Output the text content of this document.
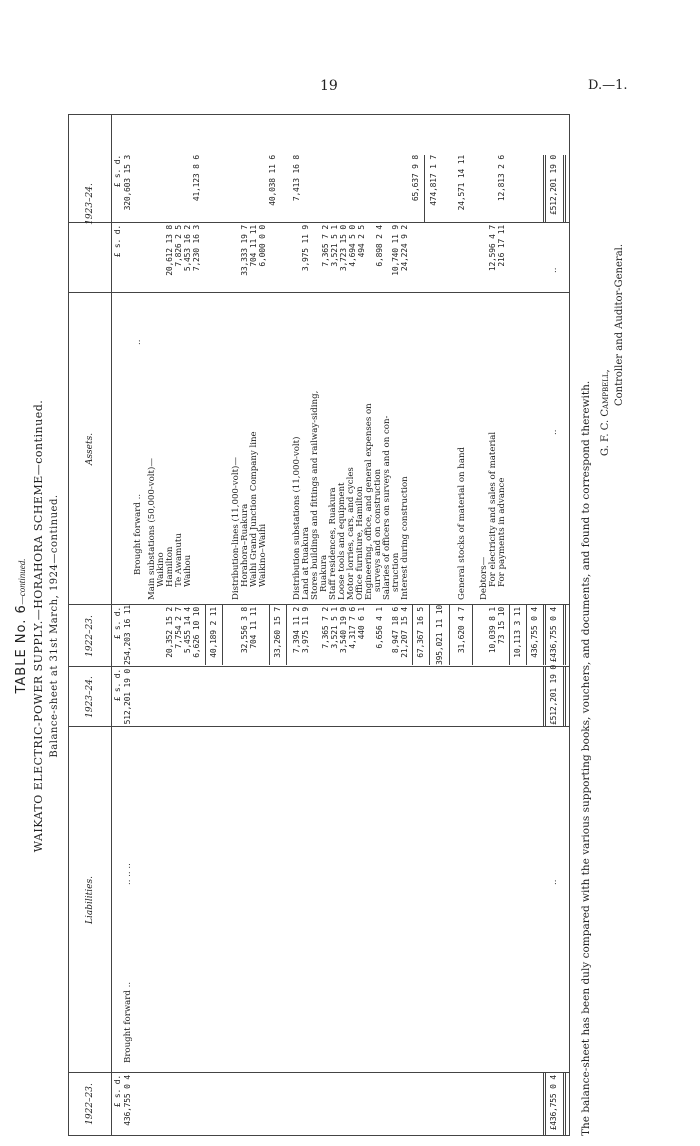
19	D.—1.
TABLE No. 6—continued. WAIKATO ELECTRIC-POWER SUPPLY.—HORAHORA SCHEME—continued. Balance-sheet at 31st March, 1924—continued.
1922–23.
Liabilities.
1923–24.
1922–23.
Assets.
1923–24.
£ s. d.
£ s. d.
£ s. d.
£ s. d.
£ s. d.
436,755 0 4
Brought forward ..
.. .. ..
512,201 19 0
254,203 16 11
Brought forward ..
..
320,603 15 3
Main substations (50,000-volt)— Waikino
20,352 15 2
20,612 13 8
Hamilton
7,754 2 7
7,826 2 5
Te Awamutu
5,455 14 4
5,453 16 2
Waihou
6,626 10 10
7,230 16 3
41,123 8 6
40,189 2 11
Distribution-lines (11,000-volt)— Horahora–Ruakura
32,556 3 8
33,333 19 7
Waihi Grand Junction Company line
704 11 11
704 11 11
Waikino–Waihi
6,000 0 0
40,038 11 6
33,260 15 7 7,394 11 2
Distribution substations (11,000-volt)
7,413 16 8
3,975 11 9
Land at Ruakura
3,975 11 9
Stores buildings and fittings and railway-siding, Ruakura
7,365 7 2
7,365 7 2
Staff residences, Ruakura
3,521 5 1
3,521 5 1
Loose tools and equipment
3,540 19 9
3,723 15 0
Motor lorries, cars, and cycles
4,317 7 6
4,694 5 0
Office furniture, Hamilton
440 6 1
494 2 5
Engineering, office, and general expenses on surveys and on construction
6,656 4 1
6,898 2 4
Salaries of officers on surveys and on con- struction
8,947 18 6
10,740 11 9
Interest during construction
21,207 15 4
24,224 9 2
65,637 9 8
67,367 16 5 395,021 11 10
474,817 1 7
31,620 4 7
General stocks of material on hand
24,571 14 11
Debtors— For electricity and sales of material
10,039 8 1
12,596 4 7
For payments in advance
73 15 10
216 17 11
12,813 2 6
10,113 3 11 436,755 0 4
..
..
..
£436,755 0 4
£512,201 19 0
£436,755 0 4
£512,201 19 0
The balance-sheet has been duly compared with the various supporting books, vouchers, and documents, and found to correspond therewith. G. F. C. Campbell,
Controller and Auditor-General.
